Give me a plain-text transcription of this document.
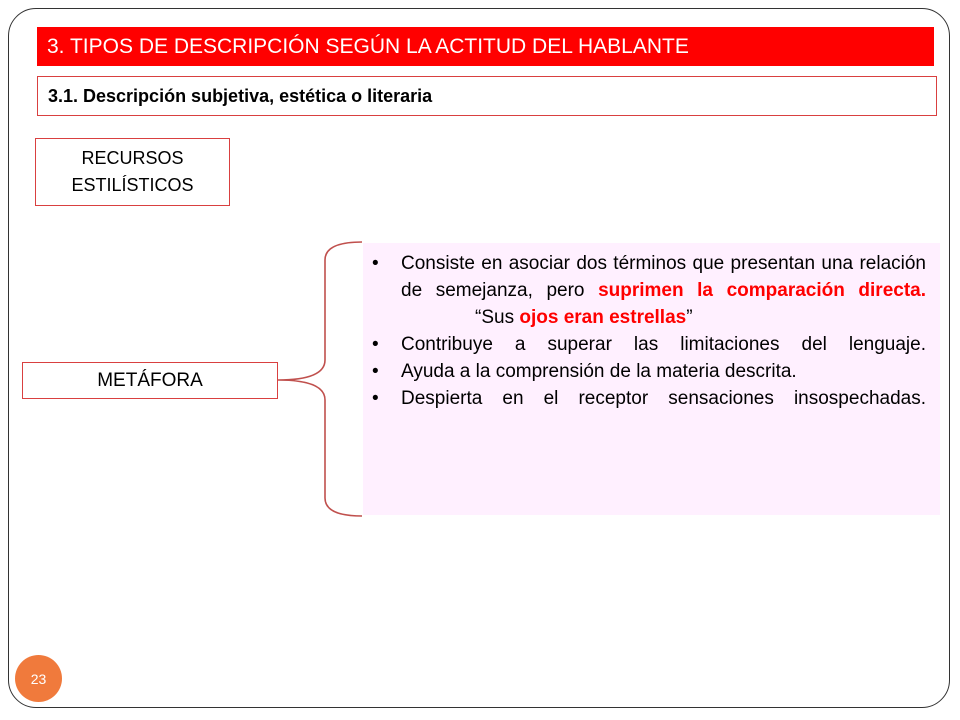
3. TIPOS DE DESCRIPCIÓN SEGÚN LA ACTITUD DEL HABLANTE
3.1. Descripción subjetiva, estética o literaria
RECURSOS
ESTILÍSTICOS
METÁFORA
• Consiste en asociar dos términos que presentan una relación de semejanza, pero suprimen la comparación directa.
“Sus ojos eran estrellas”
• Contribuye a superar las limitaciones del lenguaje.
• Ayuda a la comprensión de la materia descrita.
• Despierta en el receptor sensaciones insospechadas.
23
